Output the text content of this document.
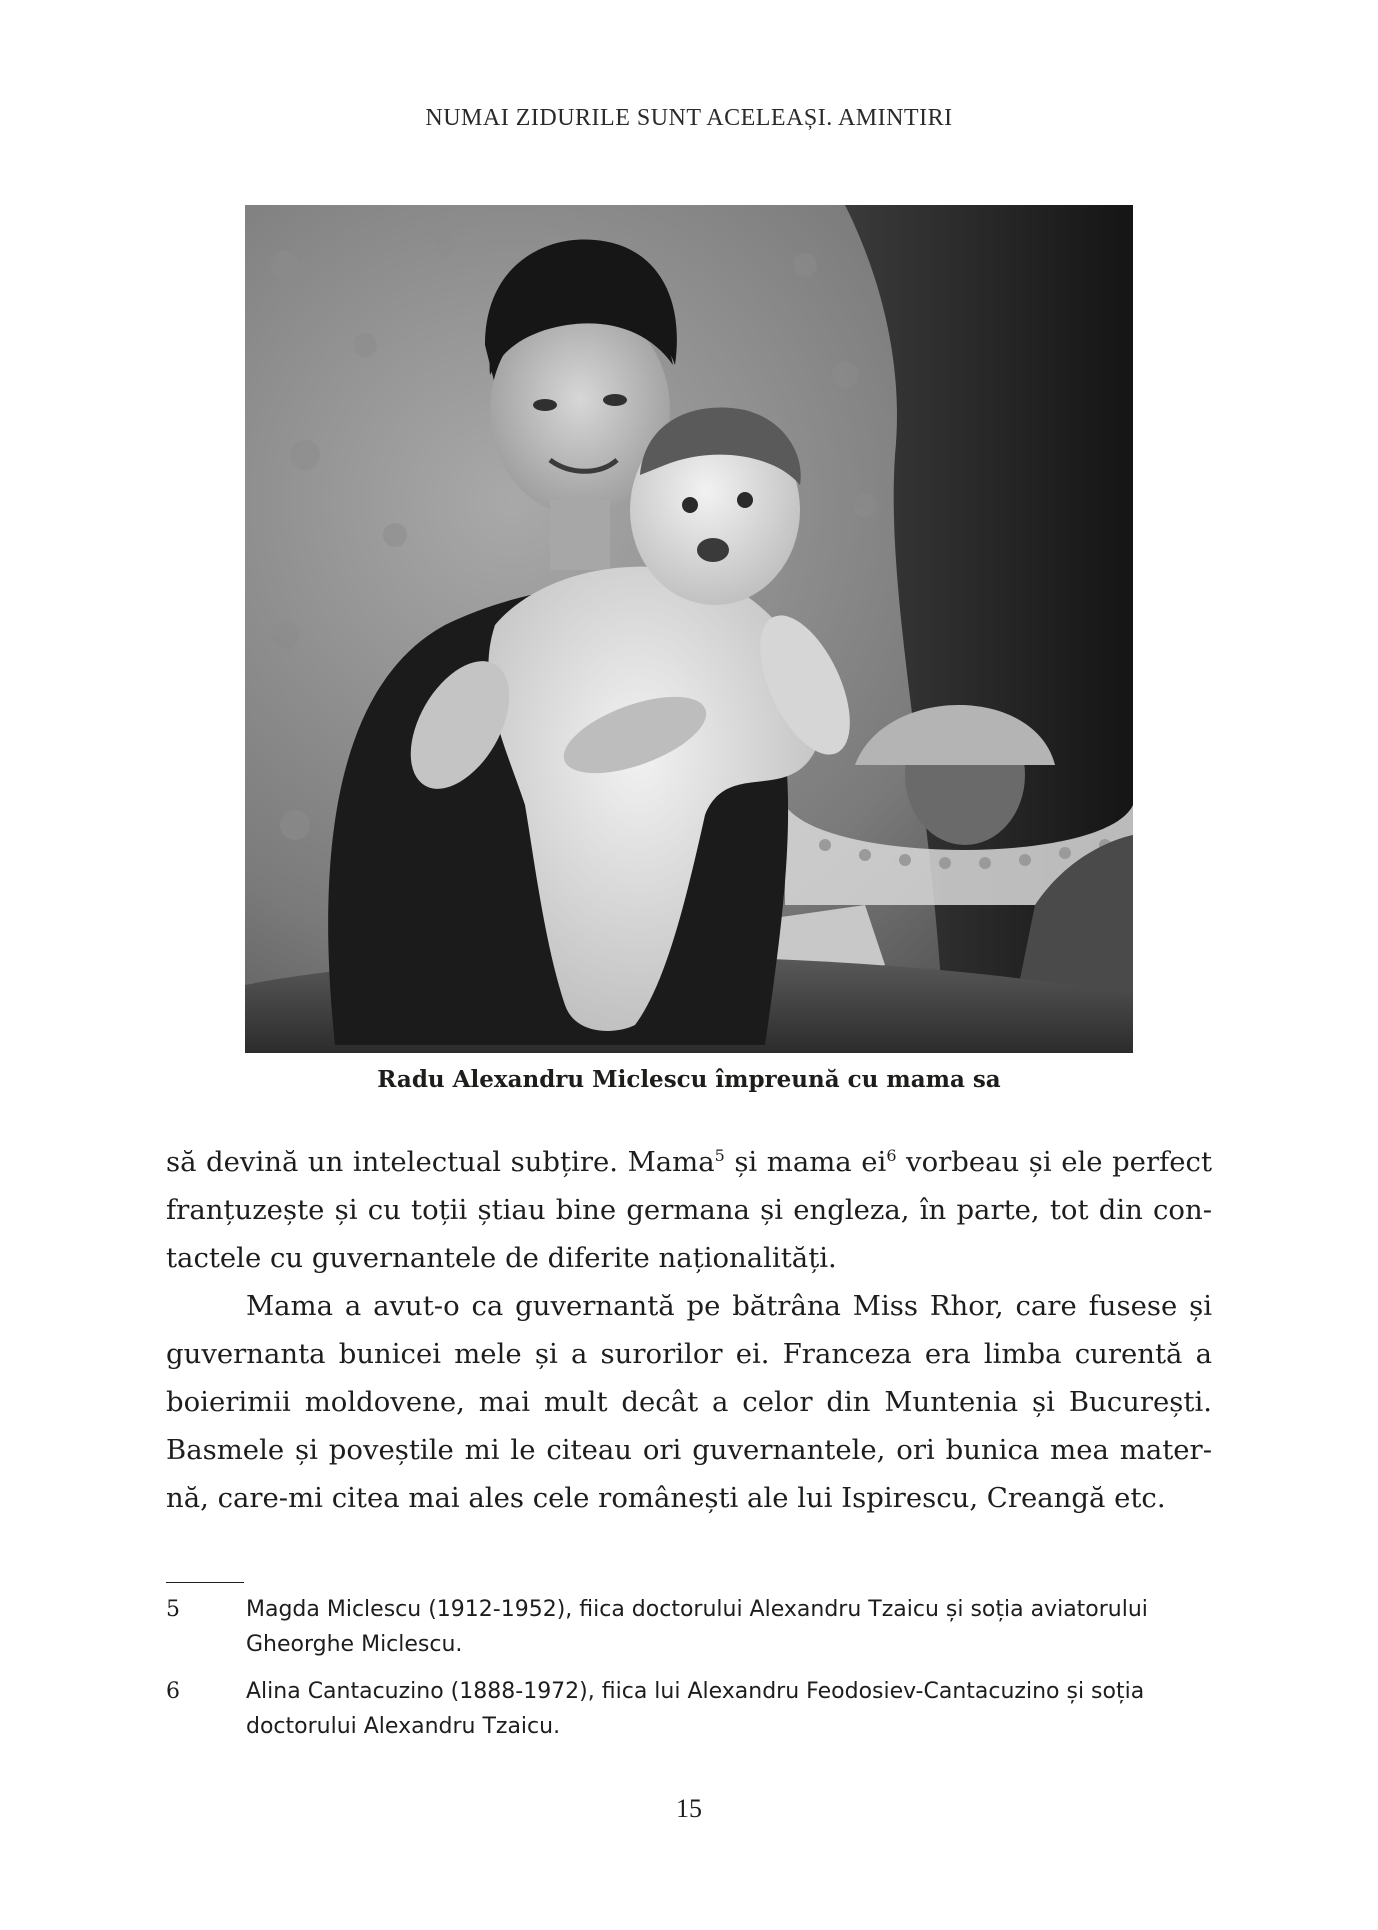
NUMAI ZIDURILE SUNT ACELEAȘI. AMINTIRI
Radu Alexandru Miclescu împreună cu mama sa
să devină un intelectual subțire. Mama$^5$ și mama $ei^6$ vorbeau și ele perfect
franțuzește și cu toții știau bine germana și engleza, în parte, tot din con-
tactele cu guvernantele de diferite naționalități.
Mama a avut-o ca guvernantă pe bătrâna Miss Rhor, care fusese și
guvernanta bunicei mele și a surorilor ei. Franceza era limba curentă a
boierimii moldovene, mai mult decât a celor din Muntenia și București.
Basmele și poveștile mi le citeau ori guvernantele, ori bunica mea mater-
nă, care-mi citea mai ales cele românești ale lui Ispirescu, Creangă etc.
5	Magda Miclescu (1912-1952), fiica doctorului Alexandru Tzaicu și soția aviatorului Gheorghe Miclescu.
6	Alina Cantacuzino (1888-1972), fiica lui Alexandru Feodosiev-Cantacuzino și soția doctorului Alexandru Tzaicu.
15
